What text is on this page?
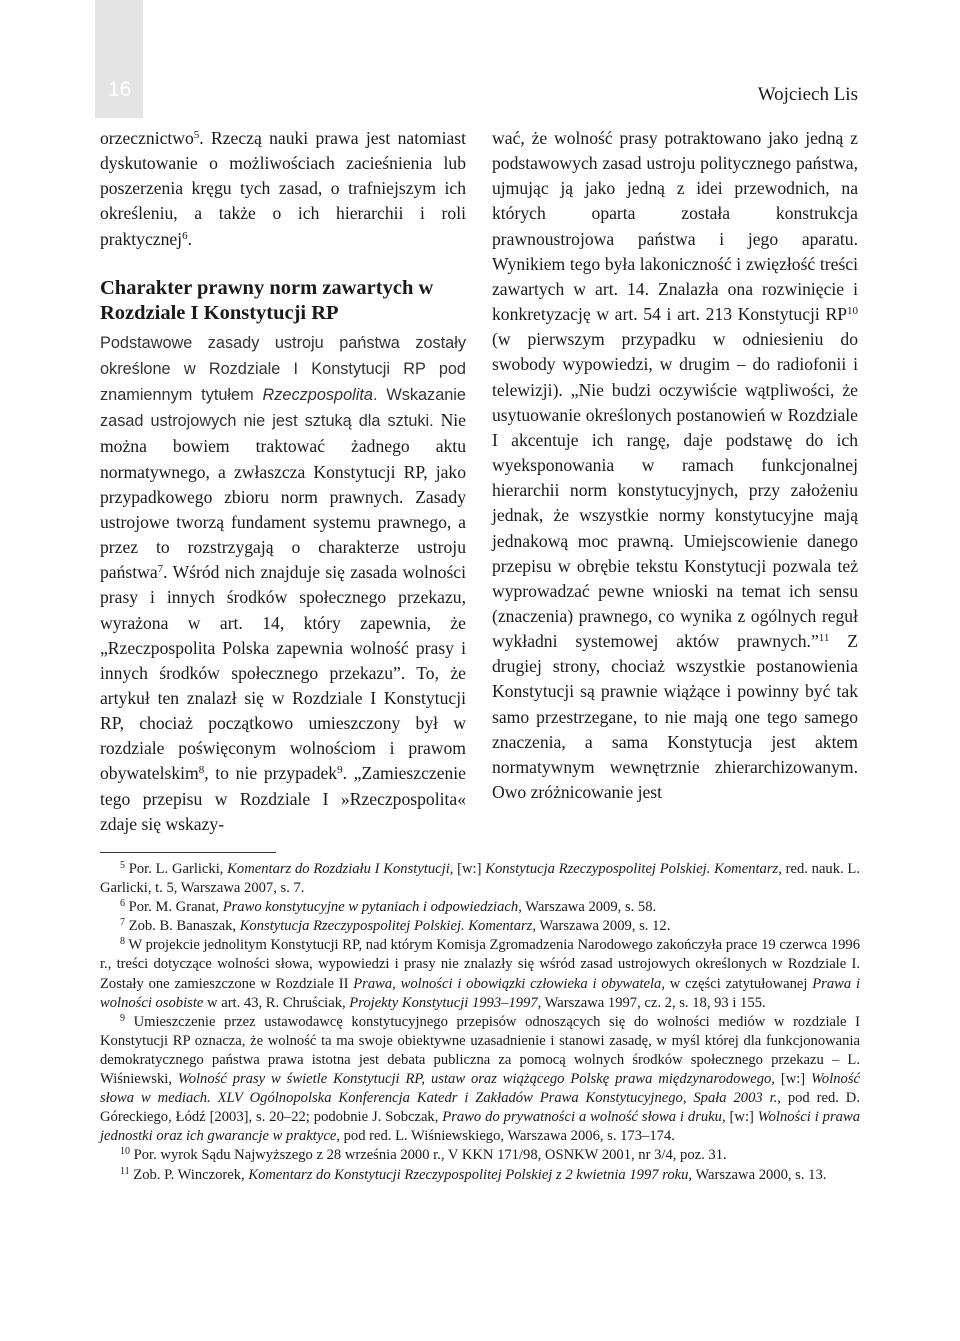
16	Wojciech Lis

orzecznictwo$^5$. Rzeczą nauki prawa jest natomiast dyskutowanie o możliwościach zacieśnienia lub poszerzenia kręgu tych zasad, o trafniejszym ich określeniu, a także o ich hierarchii i roli praktycznej$^6$.

Charakter prawny norm zawartych w Rozdziale I Konstytucji RP

Podstawowe zasady ustroju państwa zostały określone w Rozdziale I Konstytucji RP pod znamiennym tytułem Rzeczpospolita. Wskazanie zasad ustrojowych nie jest sztuką dla sztuki. Nie można bowiem traktować żadnego aktu normatywnego, a zwłaszcza Konstytucji RP, jako przypadkowego zbioru norm prawnych. Zasady ustrojowe tworzą fundament systemu prawnego, a przez to rozstrzygają o charakterze ustroju państwa$^7$. Wśród nich znajduje się zasada wolności prasy i innych środków społecznego przekazu, wyrażona w art. 14, który zapewnia, że „Rzeczpospolita Polska zapewnia wolność prasy i innych środków społecznego przekazu”. To, że artykuł ten znalazł się w Rozdziale I Konstytucji RP, chociaż początkowo umieszczony był w rozdziale poświęconym wolnościom i prawom obywatelskim$^8$, to nie przypadek$^9$. „Zamieszczenie tego przepisu w Rozdziale I »Rzeczpospolita« zdaje się wskazy-

wać, że wolność prasy potraktowano jako jedną z podstawowych zasad ustroju politycznego państwa, ujmując ją jako jedną z idei przewodnich, na których oparta została konstrukcja prawnoustrojowa państwa i jego aparatu. Wynikiem tego była lakoniczność i zwięzłość treści zawartych w art. 14. Znalazła ona rozwinięcie i konkretyzację w art. 54 i art. 213 Konstytucji RP$^{10}$ (w pierwszym przypadku w odniesieniu do swobody wypowiedzi, w drugim – do radiofonii i telewizji). „Nie budzi oczywiście wątpliwości, że usytuowanie określonych postanowień w Rozdziale I akcentuje ich rangę, daje podstawę do ich wyeksponowania w ramach funkcjonalnej hierarchii norm konstytucyjnych, przy założeniu jednak, że wszystkie normy konstytucyjne mają jednakową moc prawną. Umiejscowienie danego przepisu w obrębie tekstu Konstytucji pozwala też wyprowadzać pewne wnioski na temat ich sensu (znaczenia) prawnego, co wynika z ogólnych reguł wykładni systemowej aktów prawnych.”$^{11}$ Z drugiej strony, chociaż wszystkie postanowienia Konstytucji są prawnie wiążące i powinny być tak samo przestrzegane, to nie mają one tego samego znaczenia, a sama Konstytucja jest aktem normatywnym wewnętrznie zhierarchizowanym. Owo zróżnicowanie jest

$^5$ Por. L. Garlicki, Komentarz do Rozdziału I Konstytucji, [w:] Konstytucja Rzeczypospolitej Polskiej. Komentarz, red. nauk. L. Garlicki, t. 5, Warszawa 2007, s. 7.

$^6$ Por. M. Granat, Prawo konstytucyjne w pytaniach i odpowiedziach, Warszawa 2009, s. 58.

$^7$ Zob. B. Banaszak, Konstytucja Rzeczypospolitej Polskiej. Komentarz, Warszawa 2009, s. 12.

$^8$ W projekcie jednolitym Konstytucji RP, nad którym Komisja Zgromadzenia Narodowego zakończyła prace 19 czerwca 1996 r., treści dotyczące wolności słowa, wypowiedzi i prasy nie znalazły się wśród zasad ustrojowych określonych w Rozdziale I. Zostały one zamieszczone w Rozdziale II Prawa, wolności i obowiązki człowieka i obywatela, w części zatytułowanej Prawa i wolności osobiste w art. 43, R. Chruściak, Projekty Konstytucji 1993–1997, Warszawa 1997, cz. 2, s. 18, 93 i 155.

$^9$ Umieszczenie przez ustawodawcę konstytucyjnego przepisów odnoszących się do wolności mediów w rozdziale I Konstytucji RP oznacza, że wolność ta ma swoje obiektywne uzasadnienie i stanowi zasadę, w myśl której dla funkcjonowania demokratycznego państwa prawa istotna jest debata publiczna za pomocą wolnych środków społecznego przekazu – L. Wiśniewski, Wolność prasy w świetle Konstytucji RP, ustaw oraz wiążącego Polskę prawa międzynarodowego, [w:] Wolność słowa w mediach. XLV Ogólnopolska Konferencja Katedr i Zakładów Prawa Konstytucyjnego, Spała 2003 r., pod red. D. Góreckiego, Łódź [2003], s. 20–22; podobnie J. Sobczak, Prawo do prywatności a wolność słowa i druku, [w:] Wolności i prawa jednostki oraz ich gwarancje w praktyce, pod red. L. Wiśniewskiego, Warszawa 2006, s. 173–174.

$^{10}$ Por. wyrok Sądu Najwyższego z 28 września 2000 r., V KKN 171/98, OSNKW 2001, nr 3/4, poz. 31.

$^{11}$ Zob. P. Winczorek, Komentarz do Konstytucji Rzeczypospolitej Polskiej z 2 kwietnia 1997 roku, Warszawa 2000, s. 13.
